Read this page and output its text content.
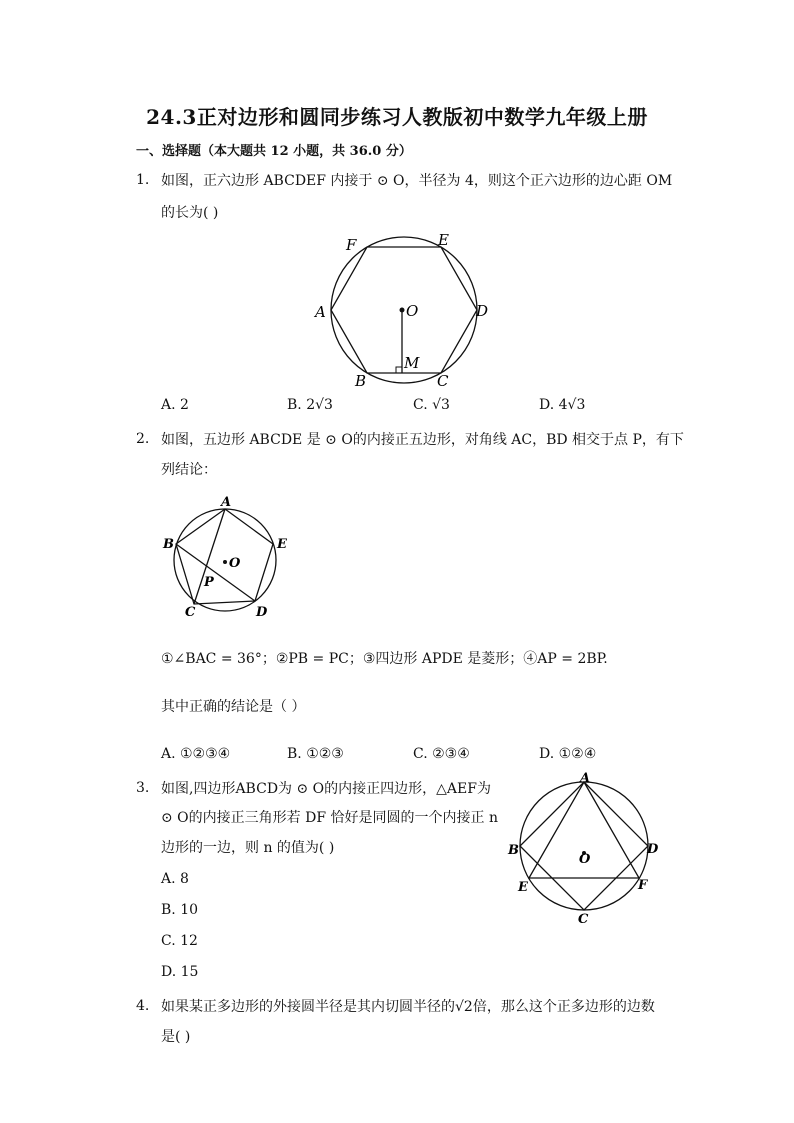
24.3正对边形和圆同步练习人教版初中数学九年级上册
一、选择题（本大题共 12 小题，共 36.0 分）
1. 如图，正六边形 ABCDEF 内接于 ⊙ O，半径为 4，则这个正六边形的边心距 OM
的长为( )
F	E
A	D
O
M
B	C
A. 2	B. 2√3	C. √3	D. 4√3
2. 如图，五边形 ABCDE 是 ⊙ O的内接正五边形，对角线 AC，BD 相交于点 P，有下
列结论：
A
B	E
O
P
C	D
①∠BAC = 36°；②PB = PC；③四边形 APDE 是菱形；④AP = 2BP.
其中正确的结论是（ ）
A. ①②③④	B. ①②③	C. ②③④	D. ①②④
3. 如图,四边形ABCD为 ⊙ O的内接正四边形，△AEF为
⊙ O的内接正三角形若 DF 恰好是同圆的一个内接正 n
边形的一边，则 n 的值为( )
A
B	D
O
E	F
C
A. 8
B. 10
C. 12
D. 15
4. 如果某正多边形的外接圆半径是其内切圆半径的√2倍，那么这个正多边形的边数
是( )
